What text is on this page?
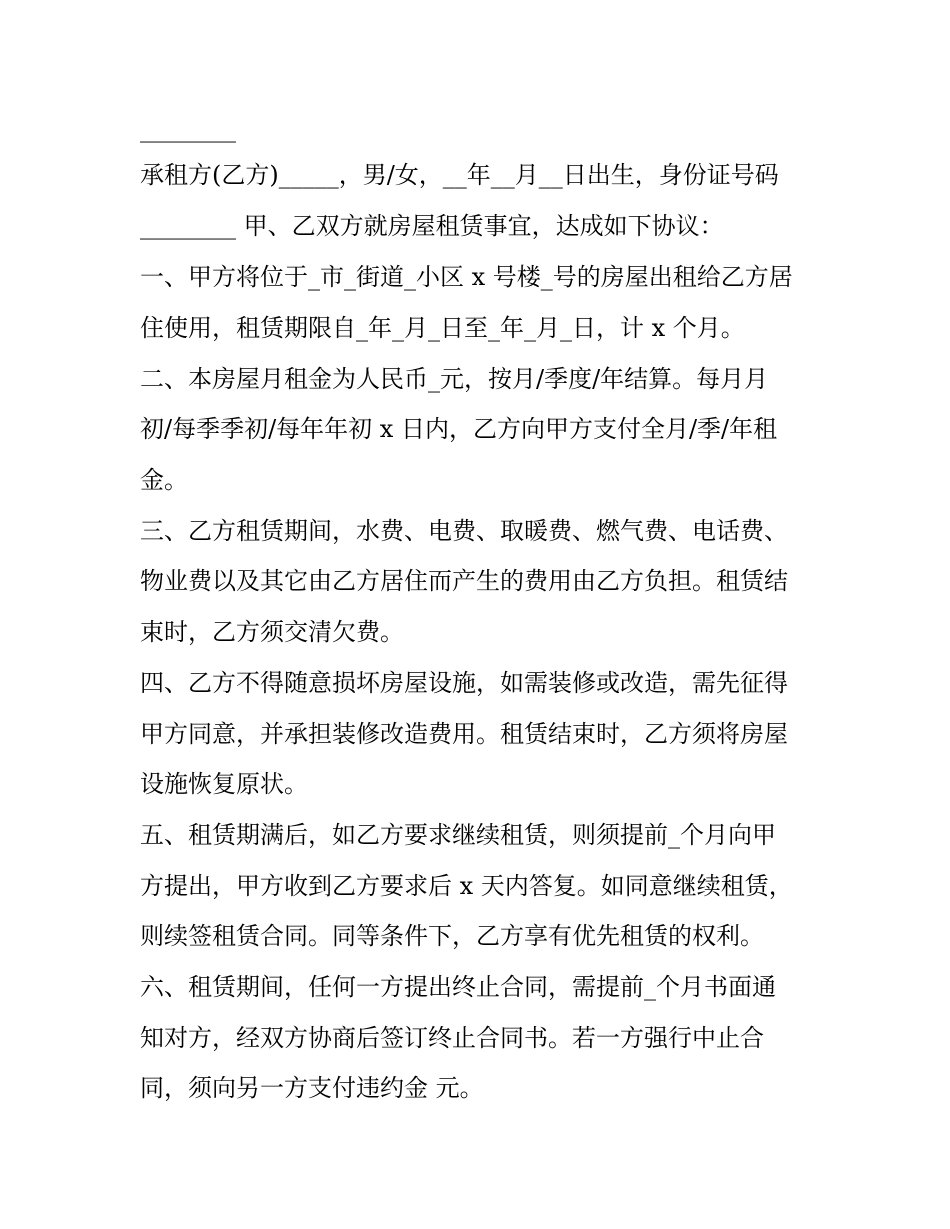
________
承租方(乙方)_____，男/女，__年__月__日出生，身份证号码
________ 甲、乙双方就房屋租赁事宜，达成如下协议：
一、甲方将位于_市_街道_小区 x 号楼_号的房屋出租给乙方居
住使用，租赁期限自_年_月_日至_年_月_日，计 x 个月。
二、本房屋月租金为人民币_元，按月/季度/年结算。每月月
初/每季季初/每年年初 x 日内，乙方向甲方支付全月/季/年租
金。
三、乙方租赁期间，水费、电费、取暖费、燃气费、电话费、
物业费以及其它由乙方居住而产生的费用由乙方负担。租赁结
束时，乙方须交清欠费。
四、乙方不得随意损坏房屋设施，如需装修或改造，需先征得
甲方同意，并承担装修改造费用。租赁结束时，乙方须将房屋
设施恢复原状。
五、租赁期满后，如乙方要求继续租赁，则须提前_个月向甲
方提出，甲方收到乙方要求后 x 天内答复。如同意继续租赁，
则续签租赁合同。同等条件下，乙方享有优先租赁的权利。
六、租赁期间，任何一方提出终止合同，需提前_个月书面通
知对方，经双方协商后签订终止合同书。若一方强行中止合
同，须向另一方支付违约金 元。
